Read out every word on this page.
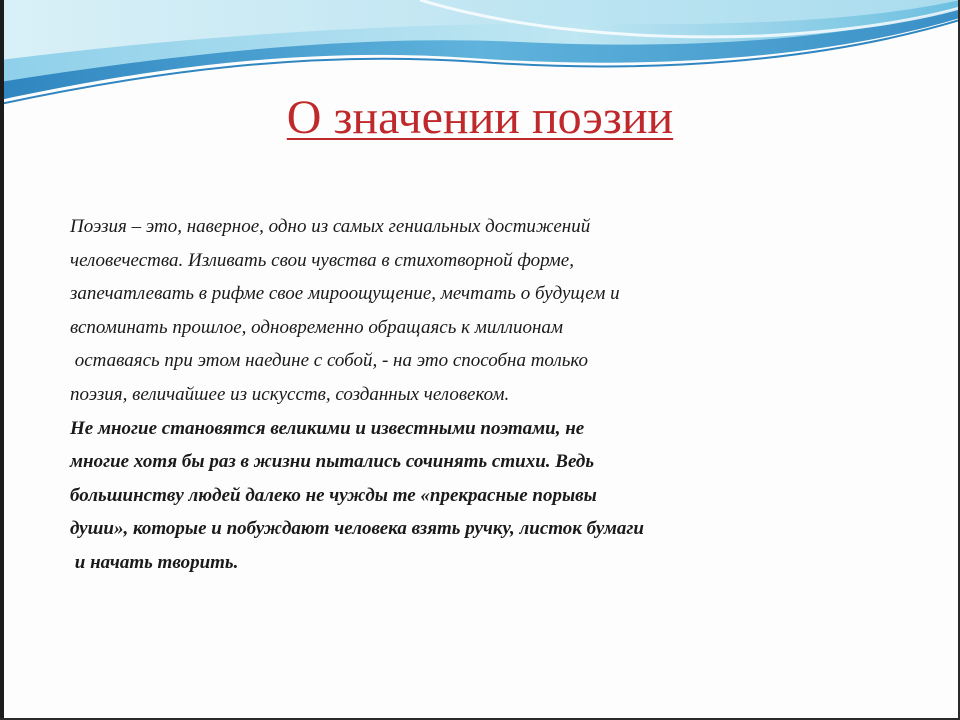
О значении поэзии
Поэзия – это, наверное, одно из самых гениальных достижений
человечества. Изливать свои чувства в стихотворной форме,
запечатлевать в рифме свое мироощущение, мечтать о будущем и
вспоминать прошлое, одновременно обращаясь к миллионам
оставаясь при этом наедине с собой, - на это способна только
поэзия, величайшее из искусств, созданных человеком.
Не многие становятся великими и известными поэтами, не
многие хотя бы раз в жизни пытались сочинять стихи. Ведь
большинству людей далеко не чужды те «прекрасные порывы
души», которые и побуждают человека взять ручку, листок бумаги
и начать творить.
